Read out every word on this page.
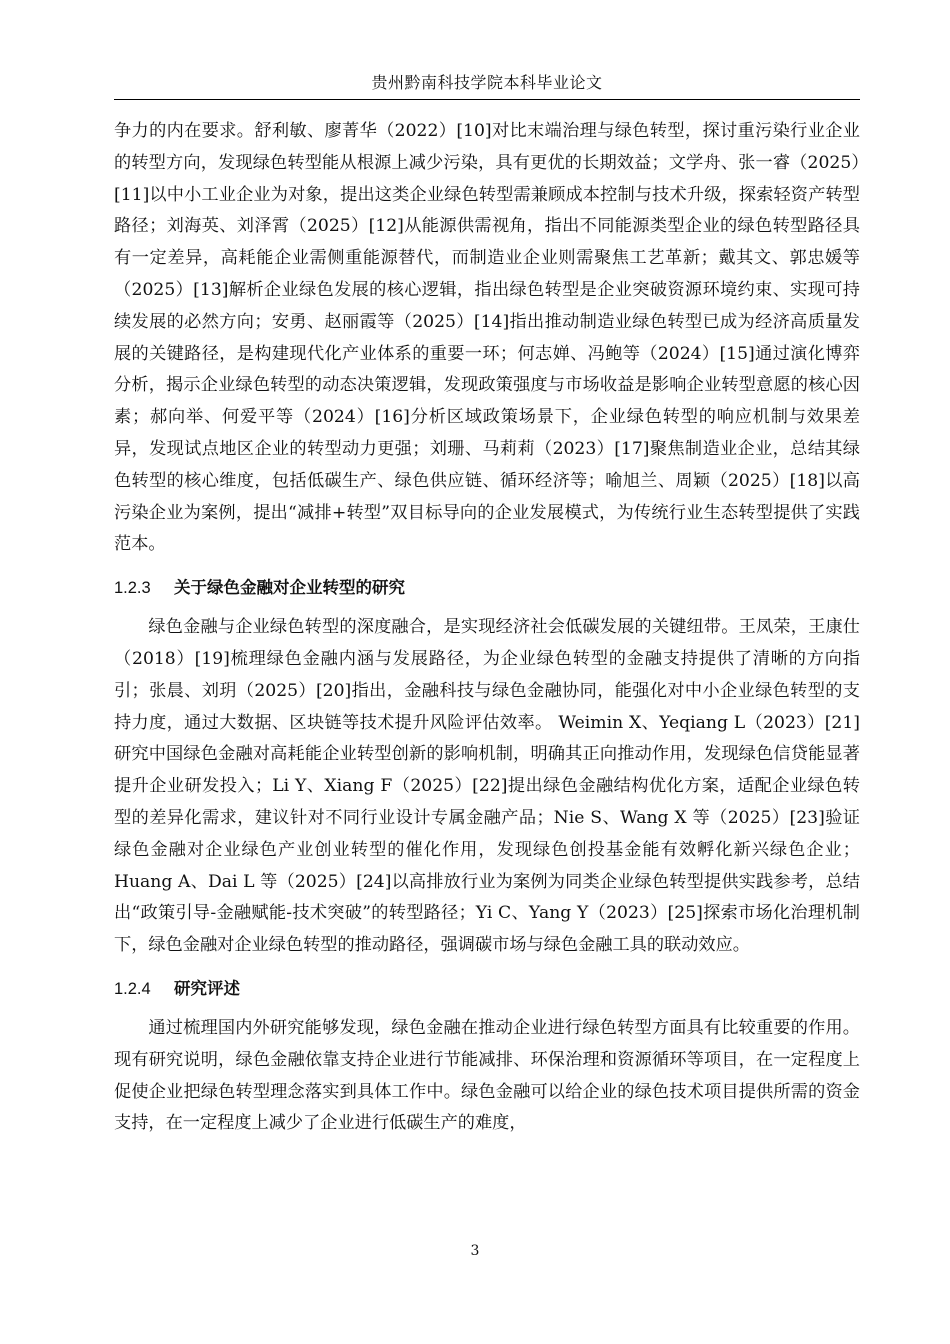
贵州黔南科技学院本科毕业论文

争力的内在要求。舒利敏、廖菁华（2022）[10]对比末端治理与绿色转型，探讨重污染行业企业的转型方向，发现绿色转型能从根源上减少污染，具有更优的长期效益；文学舟、张一睿（2025）[11]以中小工业企业为对象，提出这类企业绿色转型需兼顾成本控制与技术升级，探索轻资产转型路径；刘海英、刘泽霄（2025）[12]从能源供需视角，指出不同能源类型企业的绿色转型路径具有一定差异，高耗能企业需侧重能源替代，而制造业企业则需聚焦工艺革新；戴其文、郭忠媛等（2025）[13]解析企业绿色发展的核心逻辑，指出绿色转型是企业突破资源环境约束、实现可持续发展的必然方向；安勇、赵丽霞等（2025）[14]指出推动制造业绿色转型已成为经济高质量发展的关键路径，是构建现代化产业体系的重要一环；何志婵、冯鲍等（2024）[15]通过演化博弈分析，揭示企业绿色转型的动态决策逻辑，发现政策强度与市场收益是影响企业转型意愿的核心因素；郝向举、何爱平等（2024）[16]分析区域政策场景下，企业绿色转型的响应机制与效果差异，发现试点地区企业的转型动力更强；刘珊、马莉莉（2023）[17]聚焦制造业企业，总结其绿色转型的核心维度，包括低碳生产、绿色供应链、循环经济等；喻旭兰、周颖（2025）[18]以高污染企业为案例，提出“减排+转型”双目标导向的企业发展模式，为传统行业生态转型提供了实践范本。

1.2.3 关于绿色金融对企业转型的研究

绿色金融与企业绿色转型的深度融合，是实现经济社会低碳发展的关键纽带。王凤荣，王康仕（2018）[19]梳理绿色金融内涵与发展路径，为企业绿色转型的金融支持提供了清晰的方向指引；张晨、刘玥（2025）[20]指出，金融科技与绿色金融协同，能强化对中小企业绿色转型的支持力度，通过大数据、区块链等技术提升风险评估效率。 Weimin X、Yeqiang L（2023）[21]研究中国绿色金融对高耗能企业转型创新的影响机制，明确其正向推动作用，发现绿色信贷能显著提升企业研发投入；Li Y、Xiang F（2025）[22]提出绿色金融结构优化方案，适配企业绿色转型的差异化需求，建议针对不同行业设计专属金融产品；Nie S、Wang X 等（2025）[23]验证绿色金融对企业绿色产业创业转型的催化作用，发现绿色创投基金能有效孵化新兴绿色企业；Huang A、Dai L 等（2025）[24]以高排放行业为案例为同类企业绿色转型提供实践参考，总结出“政策引导-金融赋能-技术突破”的转型路径；Yi C、Yang Y（2023）[25]探索市场化治理机制下，绿色金融对企业绿色转型的推动路径，强调碳市场与绿色金融工具的联动效应。

1.2.4 研究评述

通过梳理国内外研究能够发现，绿色金融在推动企业进行绿色转型方面具有比较重要的作用。现有研究说明，绿色金融依靠支持企业进行节能减排、环保治理和资源循环等项目，在一定程度上促使企业把绿色转型理念落实到具体工作中。绿色金融可以给企业的绿色技术项目提供所需的资金支持，在一定程度上减少了企业进行低碳生产的难度，

3
